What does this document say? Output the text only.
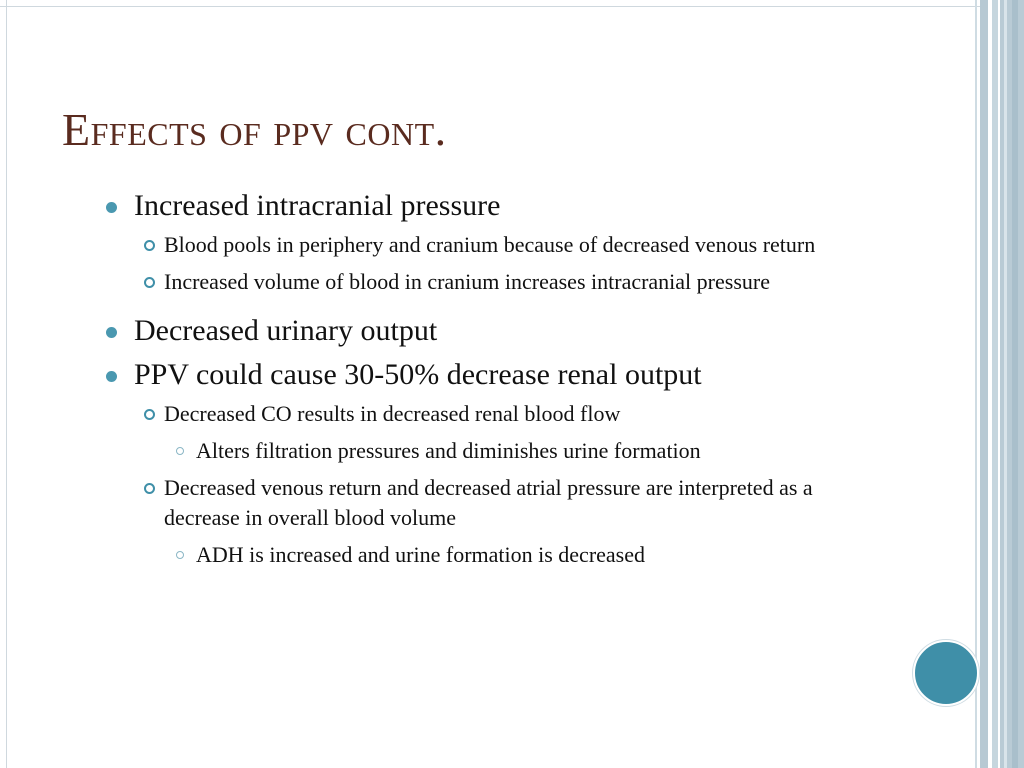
Effects of ppv cont.
Increased intracranial pressure
Blood pools in periphery and cranium because of decreased venous return
Increased volume of blood in cranium increases intracranial pressure
Decreased urinary output
PPV could cause 30-50% decrease renal output
Decreased CO results in decreased renal blood flow
Alters filtration pressures and diminishes urine formation
Decreased venous return and decreased atrial pressure are interpreted as a decrease in overall blood volume
ADH is increased and urine formation is decreased
